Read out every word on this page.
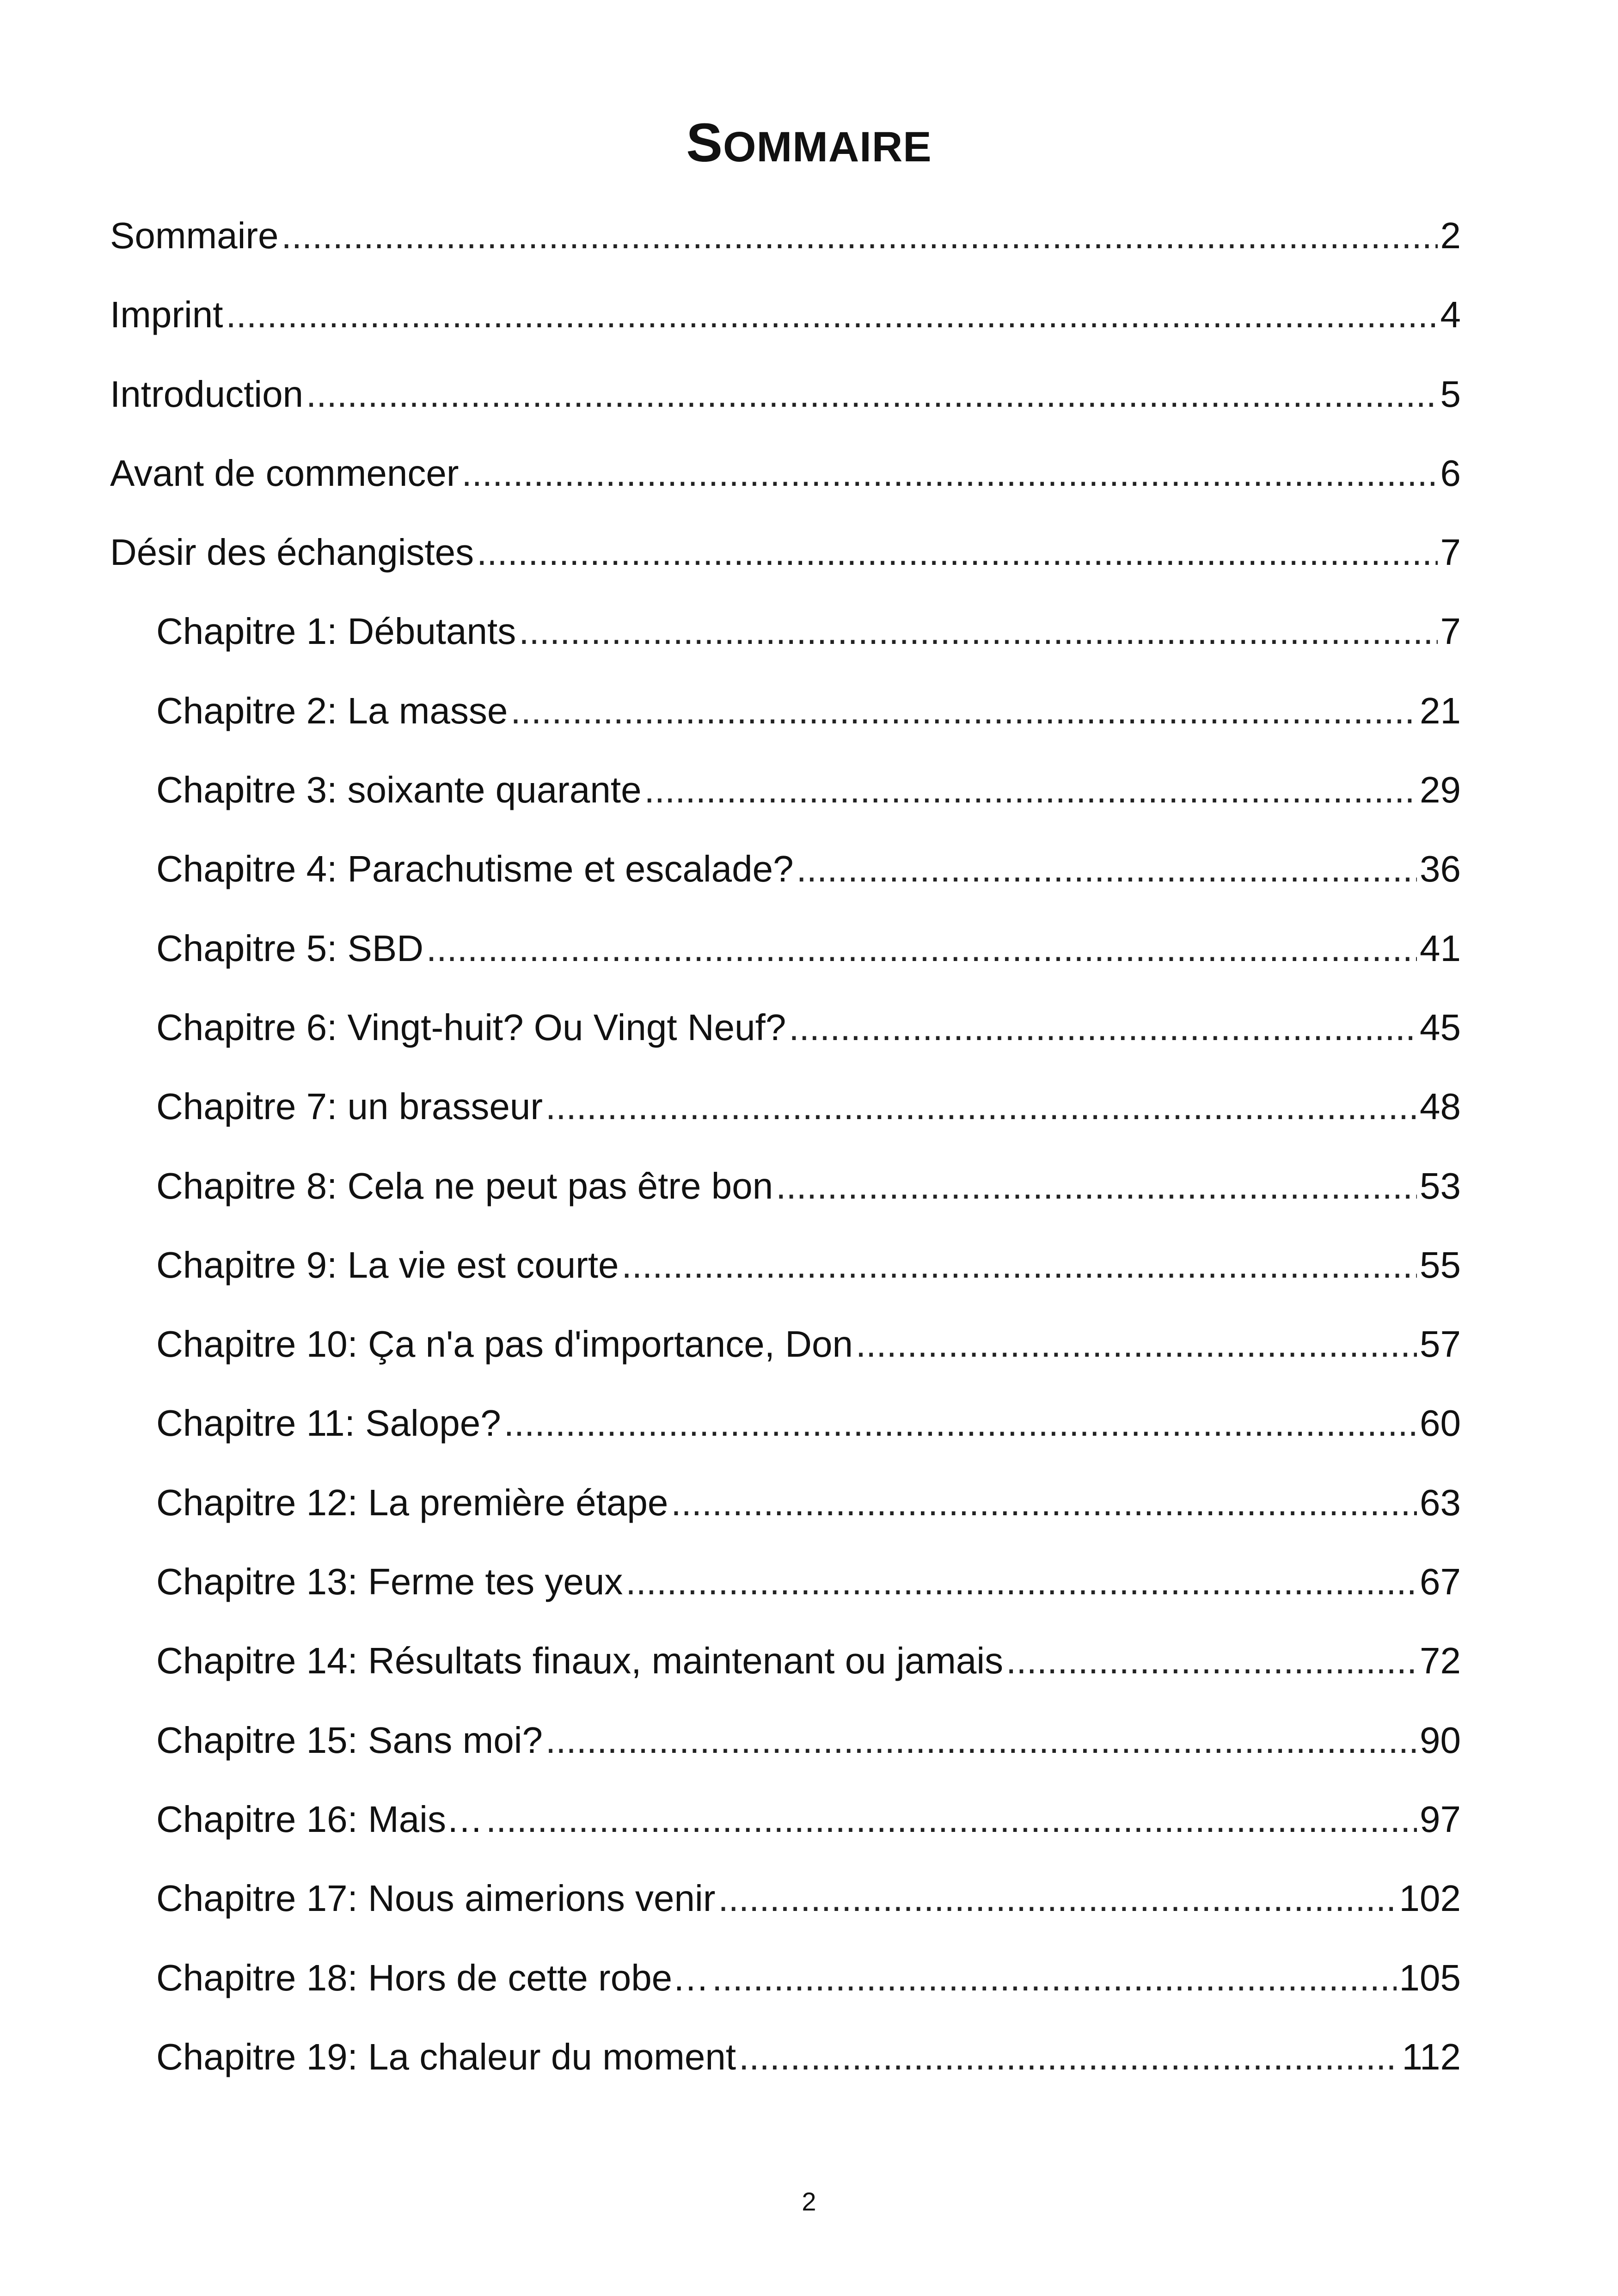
SOMMAIRE
Sommaire .....	2
Imprint .....	4
Introduction .....	5
Avant de commencer .....	6
Désir des échangistes .....	7
Chapitre 1: Débutants .....	7
Chapitre 2: La masse .....	21
Chapitre 3: soixante quarante .....	29
Chapitre 4: Parachutisme et escalade? .....	36
Chapitre 5: SBD .....	41
Chapitre 6: Vingt-huit? Ou Vingt Neuf? .....	45
Chapitre 7: un brasseur .....	48
Chapitre 8: Cela ne peut pas être bon .....	53
Chapitre 9: La vie est courte .....	55
Chapitre 10: Ça n'a pas d'importance, Don .....	57
Chapitre 11: Salope? .....	60
Chapitre 12: La première étape .....	63
Chapitre 13: Ferme tes yeux .....	67
Chapitre 14: Résultats finaux, maintenant ou jamais .....	72
Chapitre 15: Sans moi? .....	90
Chapitre 16: Mais… .....	97
Chapitre 17: Nous aimerions venir .....	102
Chapitre 18: Hors de cette robe… .....	105
Chapitre 19: La chaleur du moment .....	112
2
